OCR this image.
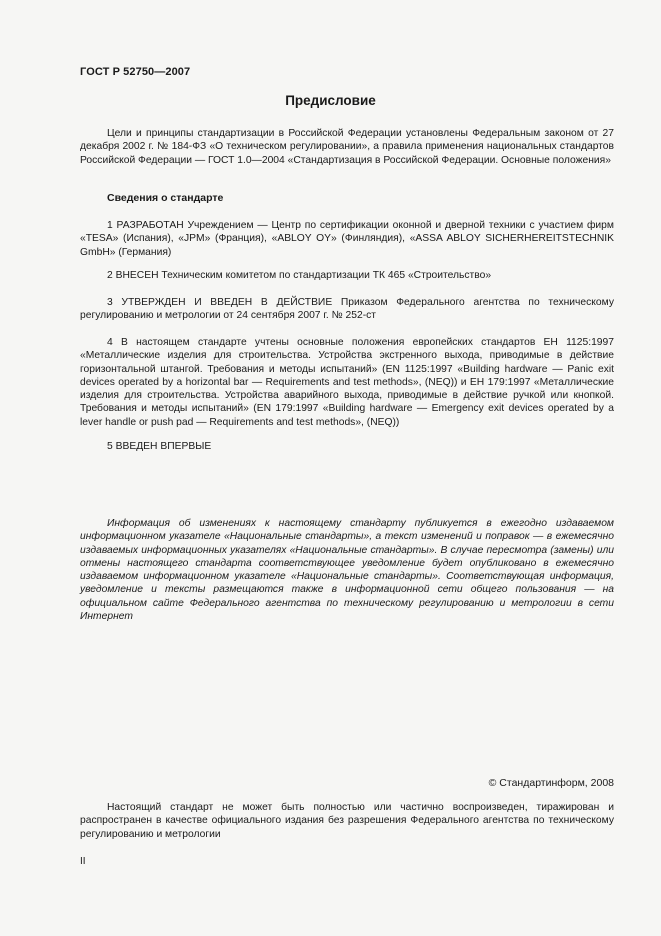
ГОСТ Р 52750—2007
Предисловие

Цели и принципы стандартизации в Российской Федерации установлены Федеральным законом от 27 декабря 2002 г. № 184-ФЗ «О техническом регулировании», а правила применения национальных стандартов Российской Федерации — ГОСТ 1.0—2004 «Стандартизация в Российской Федерации. Основные положения»

Сведения о стандарте

1 РАЗРАБОТАН Учреждением — Центр по сертификации оконной и дверной техники с участием фирм «TESA» (Испания), «JPM» (Франция), «ABLOY OY» (Финляндия), «ASSA ABLOY SICHERHEREITSTECHNIK GmbH» (Германия)

2 ВНЕСЕН Техническим комитетом по стандартизации ТК 465 «Строительство»

3 УТВЕРЖДЕН И ВВЕДЕН В ДЕЙСТВИЕ Приказом Федерального агентства по техническому регулированию и метрологии от 24 сентября 2007 г. № 252-ст

4 В настоящем стандарте учтены основные положения европейских стандартов ЕН 1125:1997 «Металлические изделия для строительства. Устройства экстренного выхода, приводимые в действие горизонтальной штангой. Требования и методы испытаний» (EN 1125:1997 «Building hardware — Panic exit devices operated by a horizontal bar — Requirements and test methods», (NEQ)) и ЕН 179:1997 «Металлические изделия для строительства. Устройства аварийного выхода, приводимые в действие ручкой или кнопкой. Требования и методы испытаний» (EN 179:1997 «Building hardware — Emergency exit devices operated by a lever handle or push pad — Requirements and test methods», (NEQ))

5 ВВЕДЕН ВПЕРВЫЕ

Информация об изменениях к настоящему стандарту публикуется в ежегодно издаваемом информационном указателе «Национальные стандарты», а текст изменений и поправок — в ежемесячно издаваемых информационных указателях «Национальные стандарты». В случае пересмотра (замены) или отмены настоящего стандарта соответствующее уведомление будет опубликовано в ежемесячно издаваемом информационном указателе «Национальные стандарты». Соответствующая информация, уведомление и тексты размещаются также в информационной сети общего пользования — на официальном сайте Федерального агентства по техническому регулированию и метрологии в сети Интернет

© Стандартинформ, 2008

Настоящий стандарт не может быть полностью или частично воспроизведен, тиражирован и распространен в качестве официального издания без разрешения Федерального агентства по техническому регулированию и метрологии

II
